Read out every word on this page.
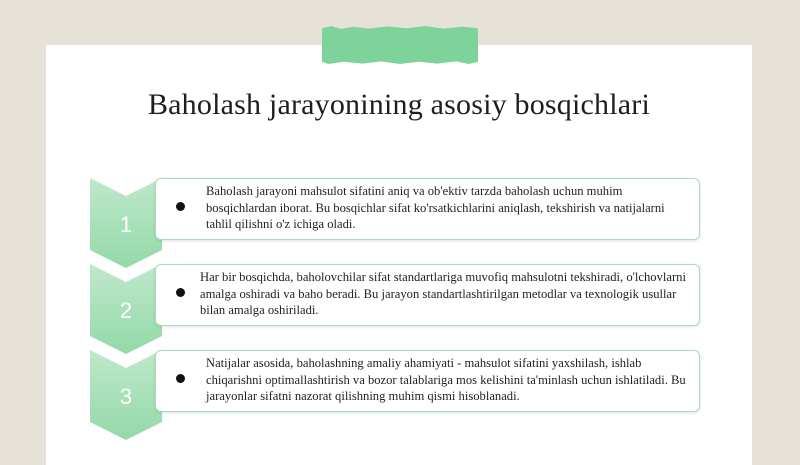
Baholash jarayonining asosiy bosqichlari
1
Baholash jarayoni mahsulot sifatini aniq va ob'ektiv tarzda baholash uchun muhim bosqichlardan iborat. Bu bosqichlar sifat ko'rsatkichlarini aniqlash, tekshirish va natijalarni tahlil qilishni o'z ichiga oladi.
2
Har bir bosqichda, baholovchilar sifat standartlariga muvofiq mahsulotni tekshiradi, o'lchovlarni amalga oshiradi va baho beradi. Bu jarayon standartlashtirilgan metodlar va texnologik usullar bilan amalga oshiriladi.
3
Natijalar asosida, baholashning amaliy ahamiyati - mahsulot sifatini yaxshilash, ishlab chiqarishni optimallashtirish va bozor talablariga mos kelishini ta'minlash uchun ishlatiladi. Bu jarayonlar sifatni nazorat qilishning muhim qismi hisoblanadi.
